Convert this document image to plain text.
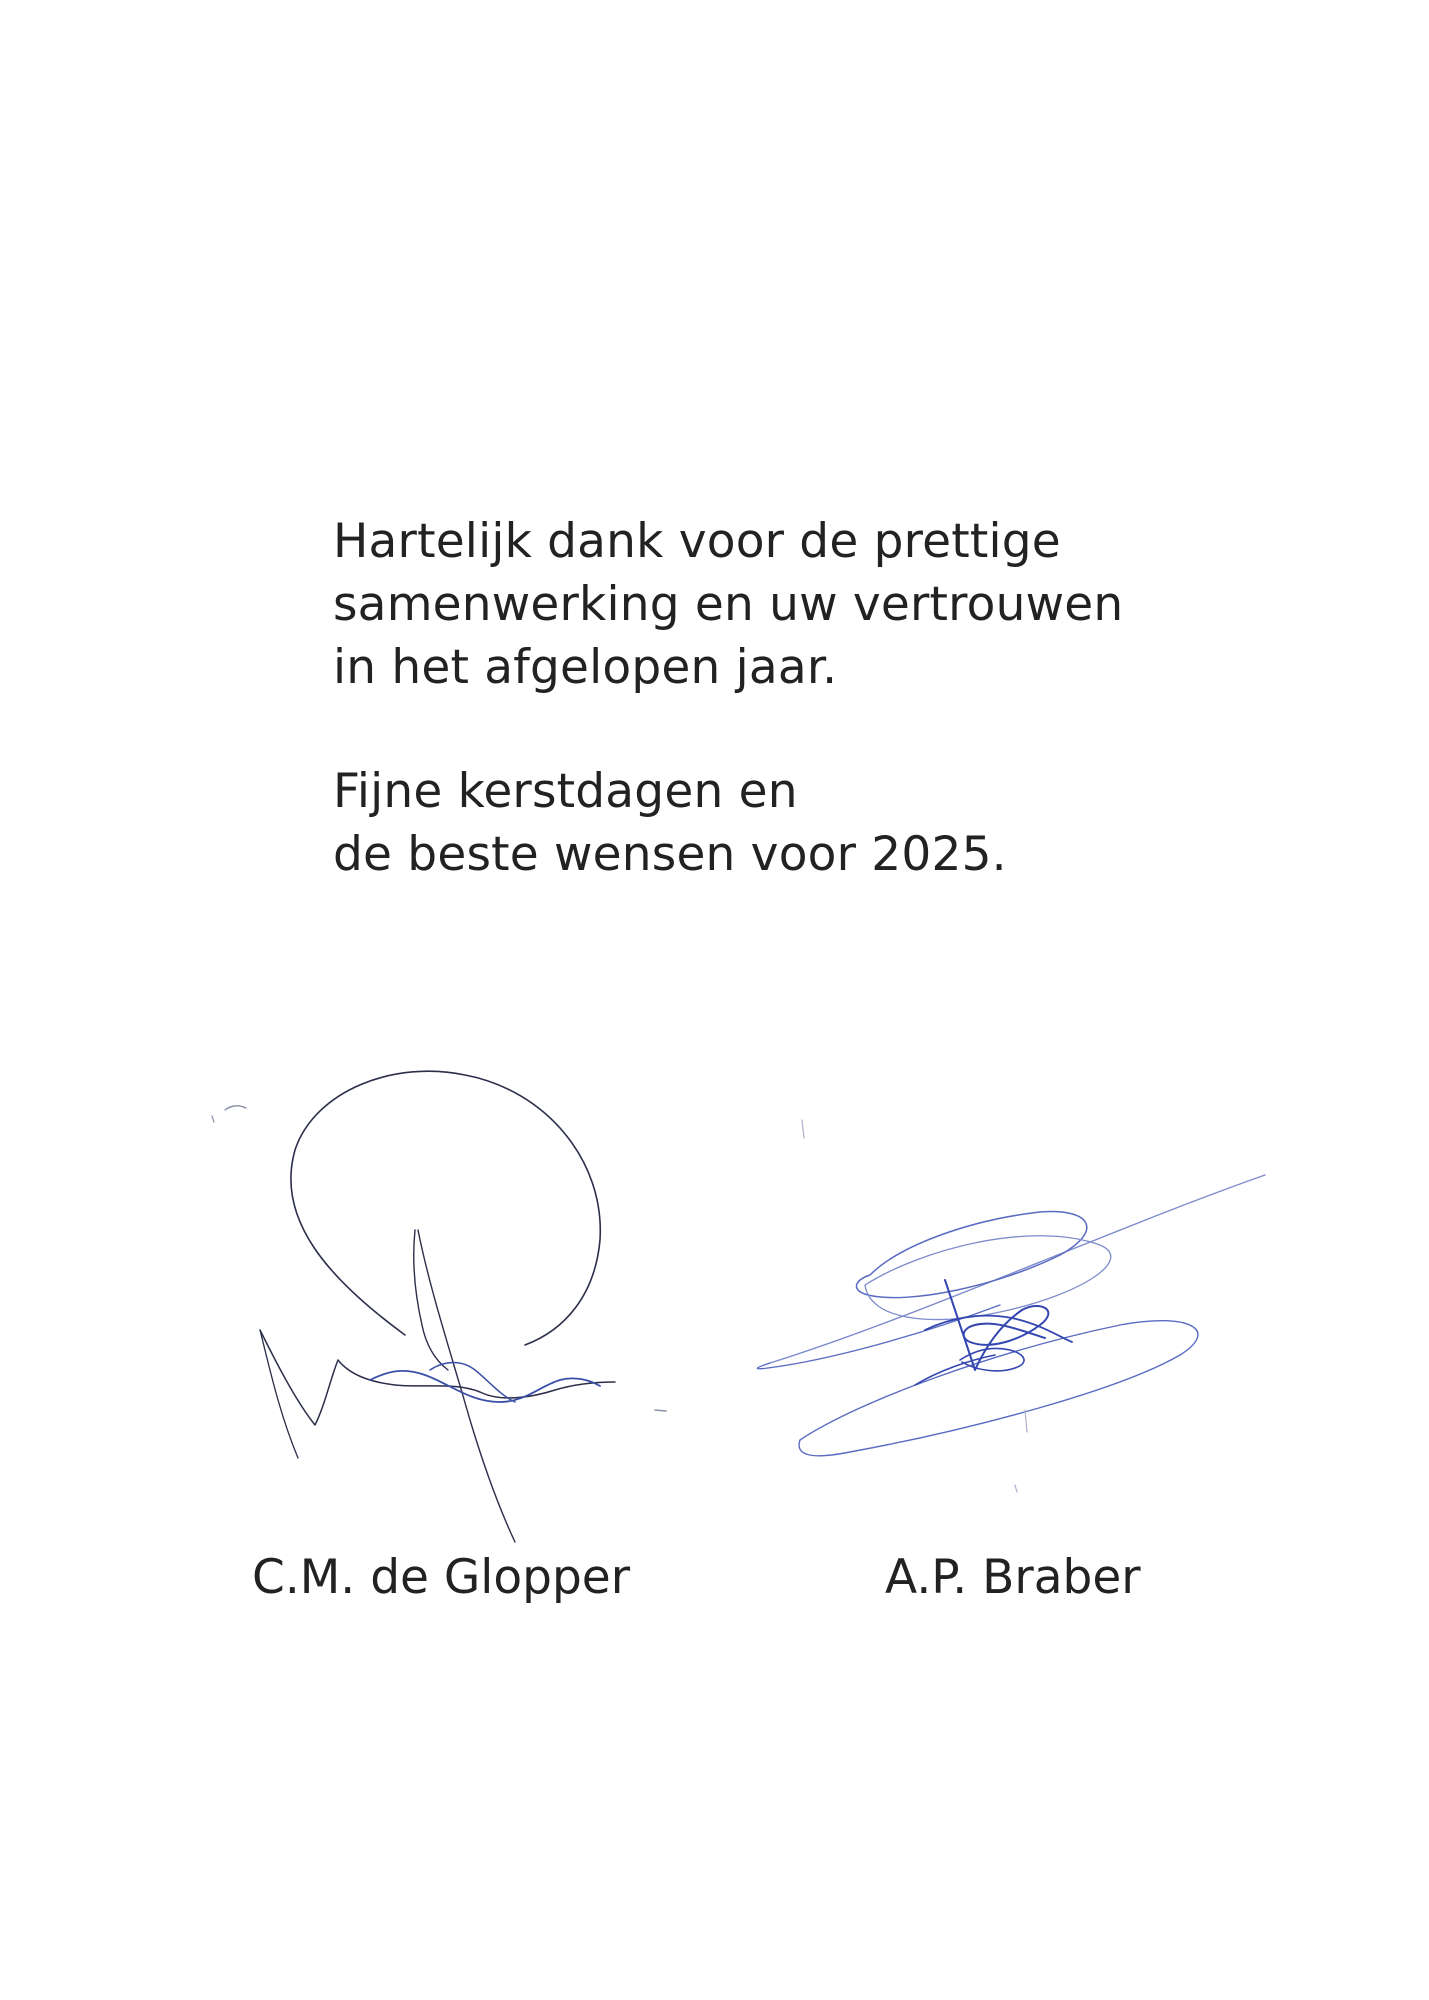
Hartelijk dank voor de prettige
samenwerking en uw vertrouwen
in het afgelopen jaar.

Fijne kerstdagen en
de beste wensen voor 2025.

C.M. de Glopper	A.P. Braber
